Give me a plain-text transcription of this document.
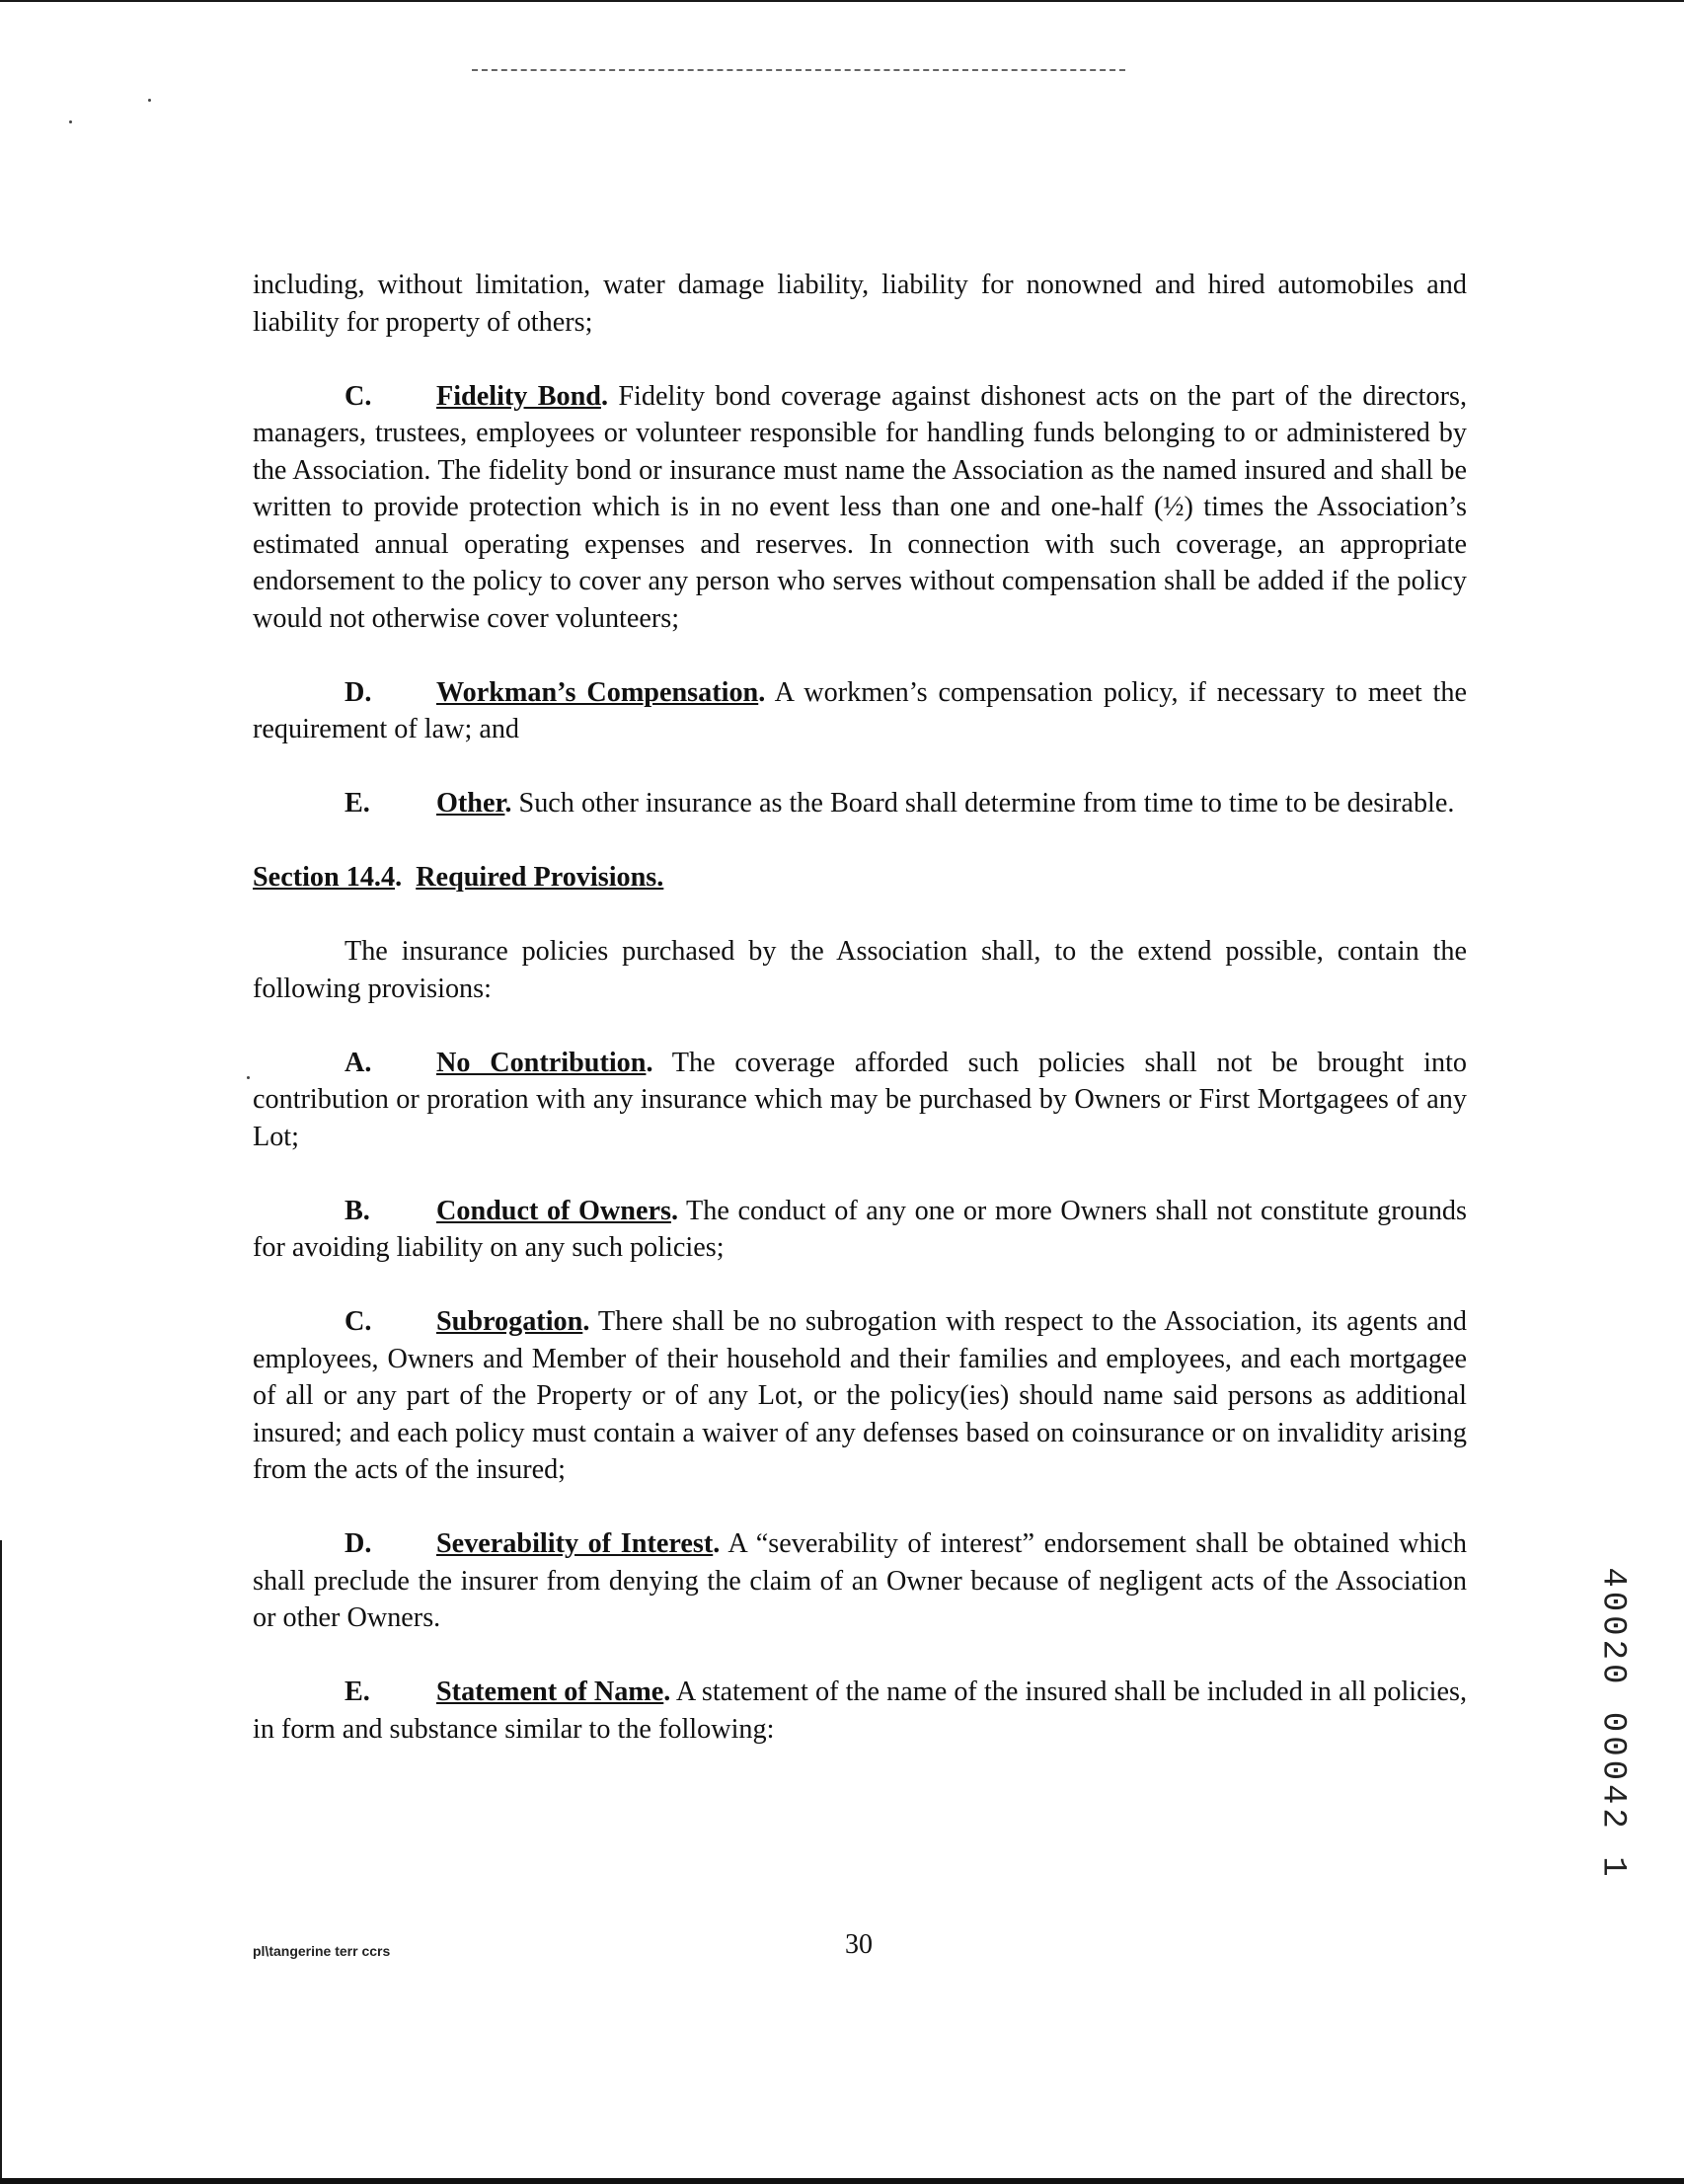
including, without limitation, water damage liability, liability for nonowned and hired automobiles and liability for property of others;

C. Fidelity Bond. Fidelity bond coverage against dishonest acts on the part of the directors, managers, trustees, employees or volunteer responsible for handling funds belonging to or administered by the Association. The fidelity bond or insurance must name the Association as the named insured and shall be written to provide protection which is in no event less than one and one-half (½) times the Association’s estimated annual operating expenses and reserves. In connection with such coverage, an appropriate endorsement to the policy to cover any person who serves without compensation shall be added if the policy would not otherwise cover volunteers;

D. Workman’s Compensation. A workmen’s compensation policy, if necessary to meet the requirement of law; and

E. Other. Such other insurance as the Board shall determine from time to time to be desirable.

Section 14.4. Required Provisions.

The insurance policies purchased by the Association shall, to the extend possible, contain the following provisions:

A. No Contribution. The coverage afforded such policies shall not be brought into contribution or proration with any insurance which may be purchased by Owners or First Mortgagees of any Lot;

B. Conduct of Owners. The conduct of any one or more Owners shall not constitute grounds for avoiding liability on any such policies;

C. Subrogation. There shall be no subrogation with respect to the Association, its agents and employees, Owners and Member of their household and their families and employees, and each mortgagee of all or any part of the Property or of any Lot, or the policy(ies) should name said persons as additional insured; and each policy must contain a waiver of any defenses based on coinsurance or on invalidity arising from the acts of the insured;

D. Severability of Interest. A “severability of interest” endorsement shall be obtained which shall preclude the insurer from denying the claim of an Owner because of negligent acts of the Association or other Owners.

E. Statement of Name. A statement of the name of the insured shall be included in all policies, in form and substance similar to the following:	40020 00042 1
pl\tangerine terr ccrs	30
